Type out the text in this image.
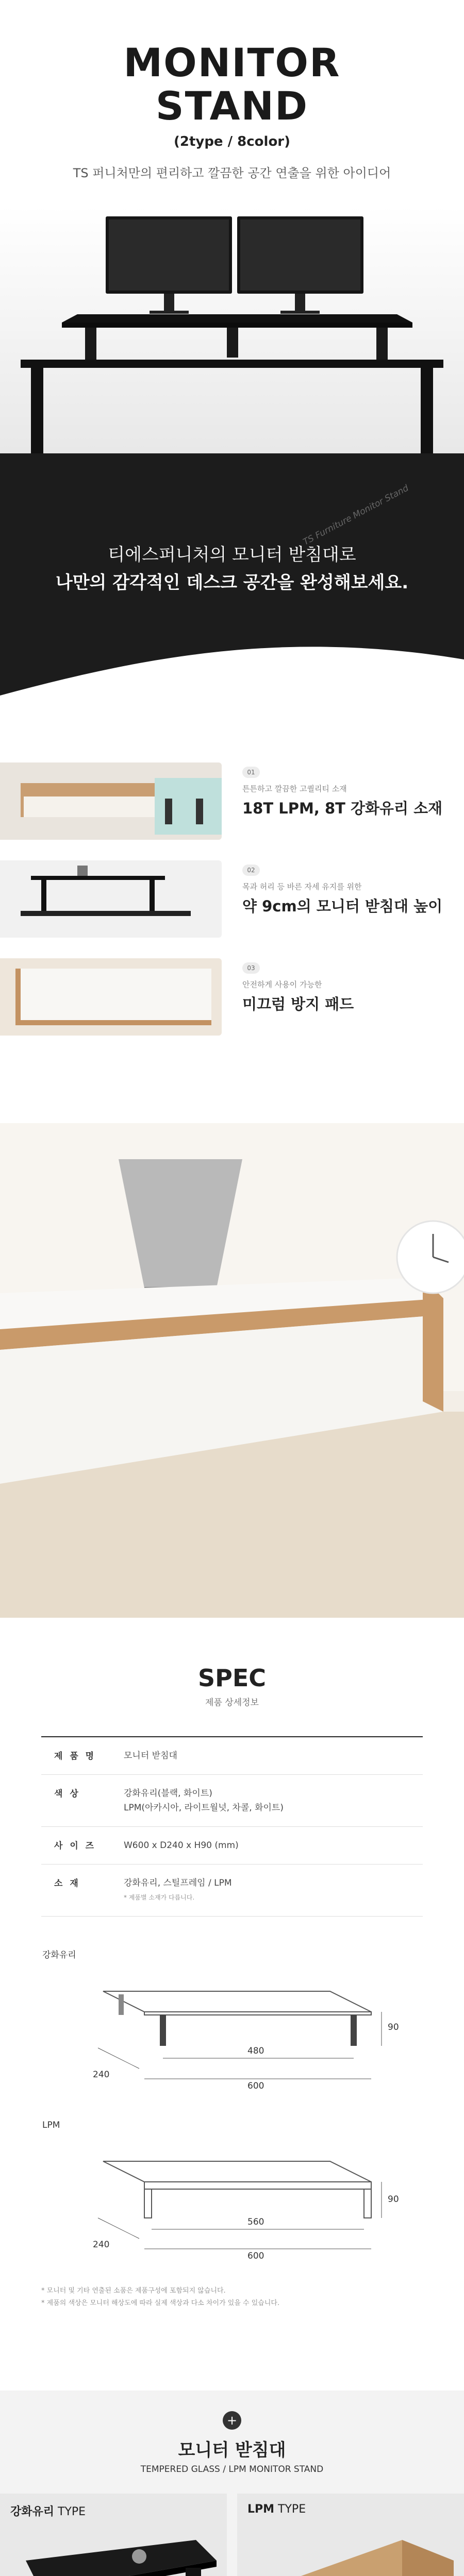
MONITOR
STAND
(2type / 8color)
TS 퍼니처만의 편리하고 깔끔한 공간 연출을 위한 아이디어
TS Furniture Monitor Stand
티에스퍼니처의 모니터 받침대로
나만의 감각적인 데스크 공간을 완성해보세요.
01
튼튼하고 깔끔한 고퀄리티 소재
18T LPM, 8T 강화유리 소재
02
목과 허리 등 바른 자세 유지를 위한
약 9cm의 모니터 받침대 높이
03
안전하게 사용이 가능한
미끄럼 방지 패드
SPEC
제품 상세정보
제 품 명	모니터 받침대
색 상	강화유리(블랙, 화이트)
LPM(아카시아, 라이트월넛, 차콜, 화이트)
사 이 즈	W600 x D240 x H90 (mm)
소 재	강화유리, 스틸프레임 / LPM
* 제품별 소재가 다릅니다.
강화유리
480
600
240
90
LPM
560
600
240
90
* 모니터 및 기타 연출된 소품은 제품구성에 포함되지 않습니다.
* 제품의 색상은 모니터 해상도에 따라 실제 색상과 다소 차이가 있을 수 있습니다.
+
모니터 받침대
TEMPERED GLASS / LPM MONITOR STAND
강화유리 TYPE	LPM TYPE
